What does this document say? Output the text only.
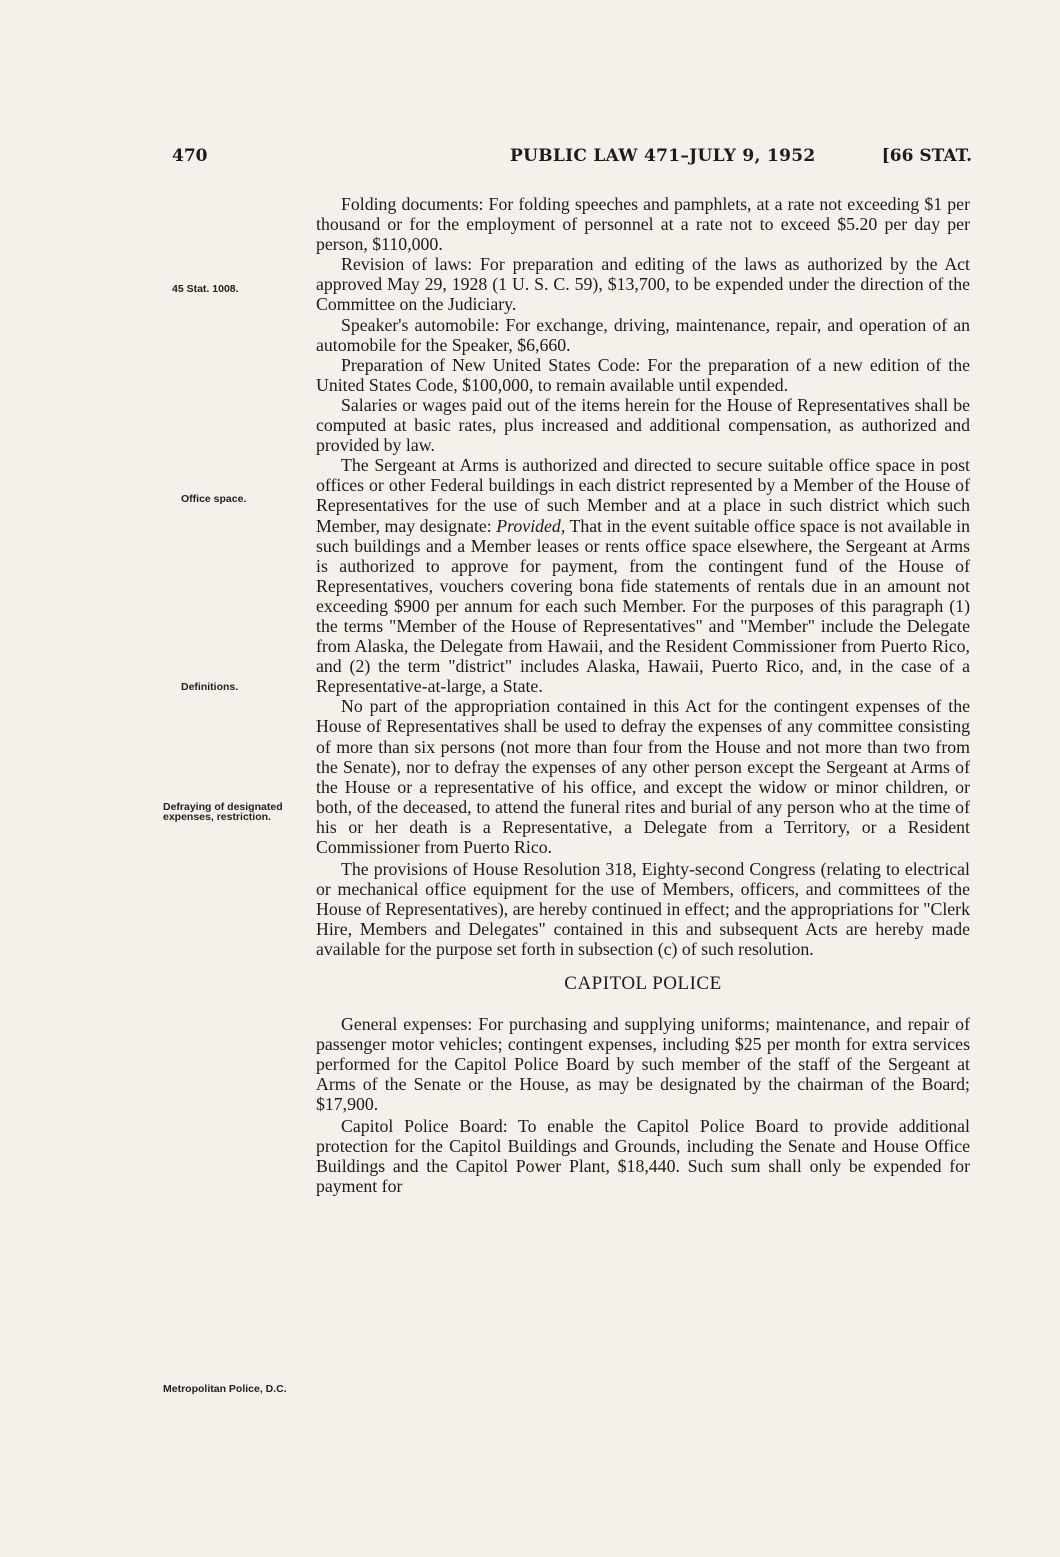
470	PUBLIC LAW 471–JULY 9, 1952	[66 STAT.
45 Stat. 1008.
Office space.
Definitions.
Defraying of designated expenses, restriction.
Metropolitan Police, D.C.

Folding documents: For folding speeches and pamphlets, at a rate not exceeding $1 per thousand or for the employment of personnel at a rate not to exceed $5.20 per day per person, $110,000.

Revision of laws: For preparation and editing of the laws as authorized by the Act approved May 29, 1928 (1 U. S. C. 59), $13,700, to be expended under the direction of the Committee on the Judiciary.

Speaker's automobile: For exchange, driving, maintenance, repair, and operation of an automobile for the Speaker, $6,660.

Preparation of New United States Code: For the preparation of a new edition of the United States Code, $100,000, to remain available until expended.

Salaries or wages paid out of the items herein for the House of Representatives shall be computed at basic rates, plus increased and additional compensation, as authorized and provided by law.

The Sergeant at Arms is authorized and directed to secure suitable office space in post offices or other Federal buildings in each district represented by a Member of the House of Representatives for the use of such Member and at a place in such district which such Member, may designate: Provided, That in the event suitable office space is not available in such buildings and a Member leases or rents office space elsewhere, the Sergeant at Arms is authorized to approve for payment, from the contingent fund of the House of Representatives, vouchers covering bona fide statements of rentals due in an amount not exceeding $900 per annum for each such Member. For the purposes of this paragraph (1) the terms "Member of the House of Representatives" and "Member" include the Delegate from Alaska, the Delegate from Hawaii, and the Resident Commissioner from Puerto Rico, and (2) the term "district" includes Alaska, Hawaii, Puerto Rico, and, in the case of a Representative-at-large, a State.

No part of the appropriation contained in this Act for the contingent expenses of the House of Representatives shall be used to defray the expenses of any committee consisting of more than six persons (not more than four from the House and not more than two from the Senate), nor to defray the expenses of any other person except the Sergeant at Arms of the House or a representative of his office, and except the widow or minor children, or both, of the deceased, to attend the funeral rites and burial of any person who at the time of his or her death is a Representative, a Delegate from a Territory, or a Resident Commissioner from Puerto Rico.

The provisions of House Resolution 318, Eighty-second Congress (relating to electrical or mechanical office equipment for the use of Members, officers, and committees of the House of Representatives), are hereby continued in effect; and the appropriations for "Clerk Hire, Members and Delegates" contained in this and subsequent Acts are hereby made available for the purpose set forth in subsection (c) of such resolution.

CAPITOL POLICE

General expenses: For purchasing and supplying uniforms; maintenance, and repair of passenger motor vehicles; contingent expenses, including $25 per month for extra services performed for the Capitol Police Board by such member of the staff of the Sergeant at Arms of the Senate or the House, as may be designated by the chairman of the Board; $17,900.

Capitol Police Board: To enable the Capitol Police Board to provide additional protection for the Capitol Buildings and Grounds, including the Senate and House Office Buildings and the Capitol Power Plant, $18,440. Such sum shall only be expended for payment for
